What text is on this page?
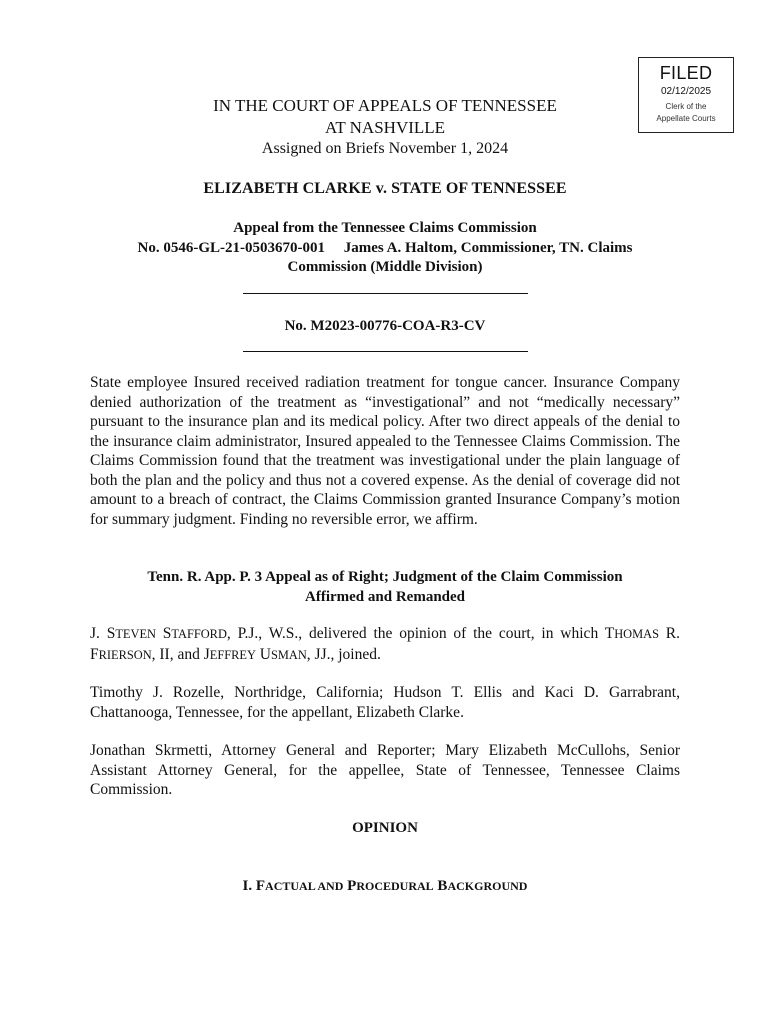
FILED
02/12/2025
Clerk of the
Appellate Courts
IN THE COURT OF APPEALS OF TENNESSEE
AT NASHVILLE
Assigned on Briefs November 1, 2024
ELIZABETH CLARKE v. STATE OF TENNESSEE
Appeal from the Tennessee Claims Commission
No. 0546-GL-21-0503670-001     James A. Haltom, Commissioner, TN. Claims
Commission (Middle Division)
No. M2023-00776-COA-R3-CV
State employee Insured received radiation treatment for tongue cancer. Insurance Company denied authorization of the treatment as “investigational” and not “medically necessary” pursuant to the insurance plan and its medical policy. After two direct appeals of the denial to the insurance claim administrator, Insured appealed to the Tennessee Claims Commission. The Claims Commission found that the treatment was investigational under the plain language of both the plan and the policy and thus not a covered expense. As the denial of coverage did not amount to a breach of contract, the Claims Commission granted Insurance Company’s motion for summary judgment. Finding no reversible error, we affirm.
Tenn. R. App. P. 3 Appeal as of Right; Judgment of the Claim Commission
Affirmed and Remanded
J. STEVEN STAFFORD, P.J., W.S., delivered the opinion of the court, in which THOMAS R. FRIERSON, II, and JEFFREY USMAN, JJ., joined.
Timothy J. Rozelle, Northridge, California; Hudson T. Ellis and Kaci D. Garrabrant, Chattanooga, Tennessee, for the appellant, Elizabeth Clarke.
Jonathan Skrmetti, Attorney General and Reporter; Mary Elizabeth McCullohs, Senior Assistant Attorney General, for the appellee, State of Tennessee, Tennessee Claims Commission.
OPINION
I. FACTUAL AND PROCEDURAL BACKGROUND
